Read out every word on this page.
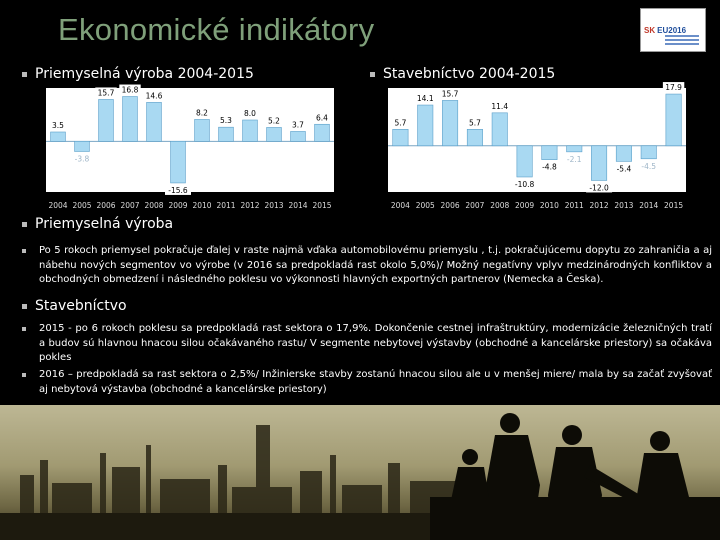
Ekonomické indikátory	SK EU2016
Priemyselná výroba 2004-2015	Stavebníctvo 2004-2015
3.5
2004
-3.8
2005
15.7
2006
16.8
2007
14.6
2008
-15.6
2009
8.2
2010
5.3
2011
8.0
2012
5.2
2013
3.7
2014
6.4
2015
5.7
2004
14.1
2005
15.7
2006
5.7
2007
11.4
2008
-10.8
2009
-4.8
2010
-2.1
2011
-12.0
2012
-5.4
2013
-4.5
2014
17.9
2015
Priemyselná výroba
Po 5 rokoch priemysel pokračuje ďalej v raste najmä vďaka automobilovému priemyslu , t.j. pokračujúcemu dopytu zo zahraničia a aj nábehu nových segmentov vo výrobe (v 2016 sa predpokladá rast okolo 5,0%)/ Možný negatívny vplyv medzinárodných konfliktov a obchodných obmedzení i následného poklesu vo výkonnosti hlavných exportných partnerov (Nemecka a Česka).
Stavebníctvo
2015 - po 6 rokoch poklesu sa predpokladá rast sektora o 17,9%. Dokončenie cestnej infraštruktúry, modernizácie železničných tratí a budov sú hlavnou hnacou silou očakávaného rastu/ V segmente nebytovej výstavby (obchodné a kancelárske priestory) sa očakáva pokles
2016 – predpokladá sa rast sektora o 2,5%/ Inžinierske stavby zostanú hnacou silou ale u v menšej miere/ mala by sa začať zvyšovať aj nebytová výstavba (obchodné a kancelárske priestory)
